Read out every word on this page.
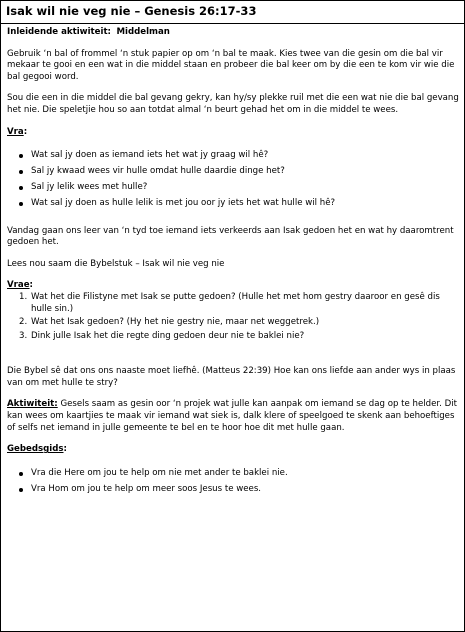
Isak wil nie veg nie – Genesis 26:17-33

Inleidende aktiwiteit: Middelman

Gebruik ‘n bal of frommel ‘n stuk papier op om ‘n bal te maak. Kies twee van die gesin om die bal vir mekaar te gooi en een wat in die middel staan en probeer die bal keer om by die een te kom vir wie die bal gegooi word.

Sou die een in die middel die bal gevang gekry, kan hy/sy plekke ruil met die een wat nie die bal gevang het nie. Die speletjie hou so aan totdat almal ‘n beurt gehad het om in die middel te wees.

Vra:

Wat sal jy doen as iemand iets het wat jy graag wil hê?
Sal jy kwaad wees vir hulle omdat hulle daardie dinge het?
Sal jy lelik wees met hulle?
Wat sal jy doen as hulle lelik is met jou oor jy iets het wat hulle wil hê?

Vandag gaan ons leer van ‘n tyd toe iemand iets verkeerds aan Isak gedoen het en wat hy daaromtrent gedoen het.

Lees nou saam die Bybelstuk – Isak wil nie veg nie

Vrae:

1. Wat het die Filistyne met Isak se putte gedoen? (Hulle het met hom gestry daaroor en gesê dis hulle sin.)
2. Wat het Isak gedoen? (Hy het nie gestry nie, maar net weggetrek.)
3. Dink julle Isak het die regte ding gedoen deur nie te baklei nie?

Die Bybel sê dat ons ons naaste moet liefhê. (Matteus 22:39) Hoe kan ons liefde aan ander wys in plaas van om met hulle te stry?

Aktiwiteit: Gesels saam as gesin oor ‘n projek wat julle kan aanpak om iemand se dag op te helder. Dit kan wees om kaartjies te maak vir iemand wat siek is, dalk klere of speelgoed te skenk aan behoeftiges of selfs net iemand in julle gemeente te bel en te hoor hoe dit met hulle gaan.

Gebedsgids:

Vra die Here om jou te help om nie met ander te baklei nie.
Vra Hom om jou te help om meer soos Jesus te wees.
